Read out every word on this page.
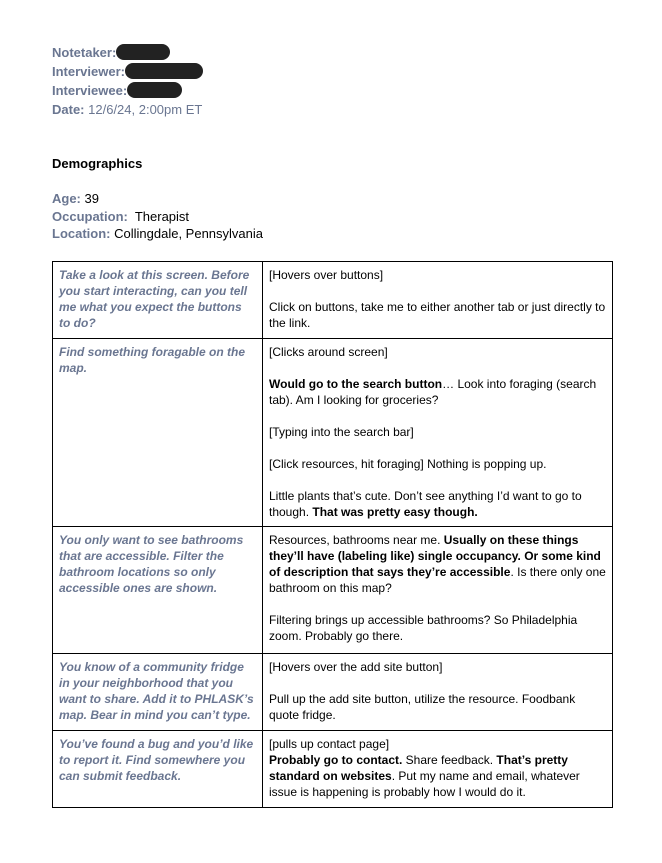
Notetaker:
Interviewer:
Interviewee:
Date: 12/6/24, 2:00pm ET
Demographics
Age: 39
Occupation: Therapist
Location: Collingdale, Pennsylvania
Take a look at this screen. Before you start interacting, can you tell me what you expect the buttons to do?	[Hovers over buttons]

Click on buttons, take me to either another tab or just directly to the link.

Find something foragable on the map.	[Clicks around screen]

Would go to the search button… Look into foraging (search tab). Am I looking for groceries?

[Typing into the search bar]

[Click resources, hit foraging] Nothing is popping up.

Little plants that’s cute. Don’t see anything I’d want to go to though. That was pretty easy though.

You only want to see bathrooms that are accessible. Filter the bathroom locations so only accessible ones are shown.	Resources, bathrooms near me. Usually on these things they’ll have (labeling like) single occupancy. Or some kind of description that says they’re accessible. Is there only one bathroom on this map?

Filtering brings up accessible bathrooms? So Philadelphia zoom. Probably go there.

You know of a community fridge in your neighborhood that you want to share. Add it to PHLASK’s map. Bear in mind you can’t type.	[Hovers over the add site button]

Pull up the add site button, utilize the resource. Foodbank quote fridge.

You’ve found a bug and you’d like to report it. Find somewhere you can submit feedback.	[pulls up contact page]

Probably go to contact. Share feedback. That’s pretty standard on websites. Put my name and email, whatever issue is happening is probably how I would do it.
